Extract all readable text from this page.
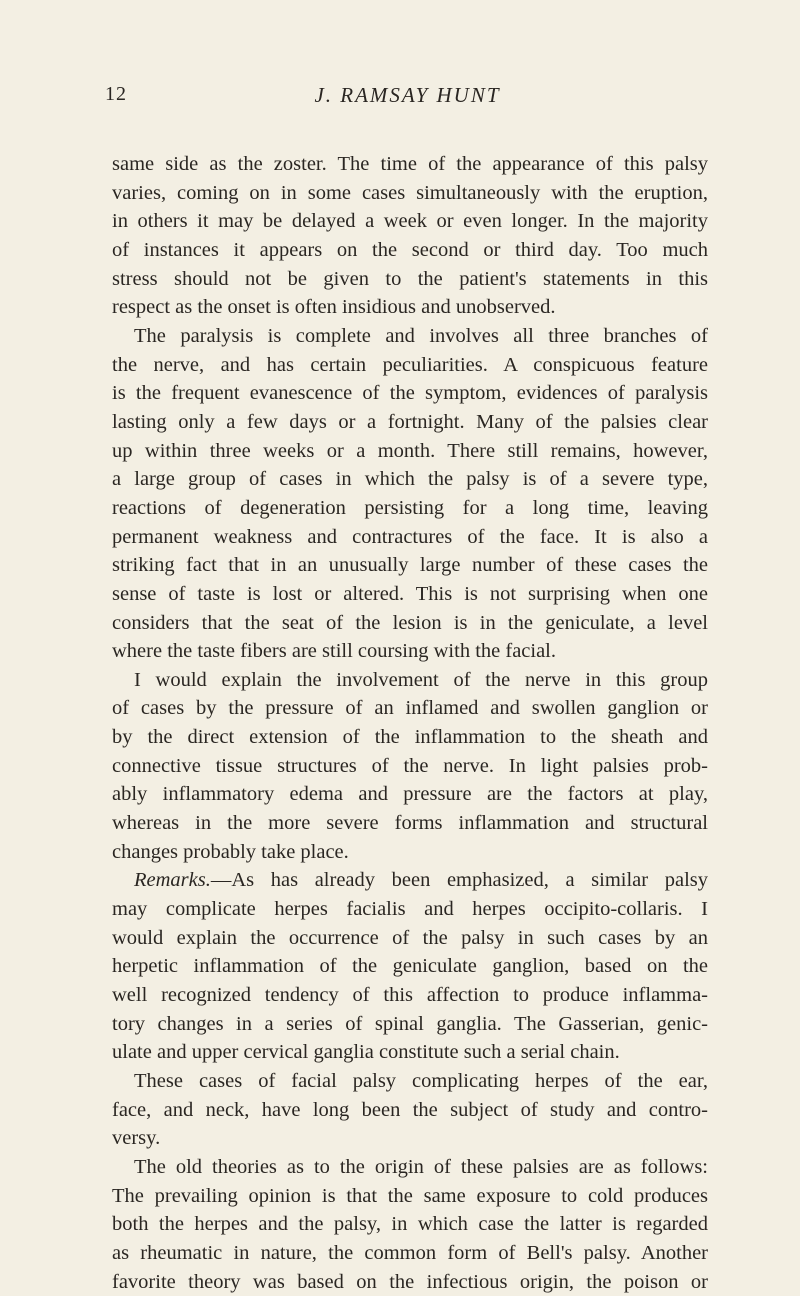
12	J. RAMSAY HUNT
same side as the zoster. The time of the appearance of this palsy
varies, coming on in some cases simultaneously with the eruption,
in others it may be delayed a week or even longer. In the majority
of instances it appears on the second or third day. Too much
stress should not be given to the patient's statements in this
respect as the onset is often insidious and unobserved.
The paralysis is complete and involves all three branches of
the nerve, and has certain peculiarities. A conspicuous feature
is the frequent evanescence of the symptom, evidences of paralysis
lasting only a few days or a fortnight. Many of the palsies clear
up within three weeks or a month. There still remains, however,
a large group of cases in which the palsy is of a severe type,
reactions of degeneration persisting for a long time, leaving
permanent weakness and contractures of the face. It is also a
striking fact that in an unusually large number of these cases the
sense of taste is lost or altered. This is not surprising when one
considers that the seat of the lesion is in the geniculate, a level
where the taste fibers are still coursing with the facial.
I would explain the involvement of the nerve in this group
of cases by the pressure of an inflamed and swollen ganglion or
by the direct extension of the inflammation to the sheath and
connective tissue structures of the nerve. In light palsies prob-
ably inflammatory edema and pressure are the factors at play,
whereas in the more severe forms inflammation and structural
changes probably take place.
Remarks.—As has already been emphasized, a similar palsy
may complicate herpes facialis and herpes occipito-collaris. I
would explain the occurrence of the palsy in such cases by an
herpetic inflammation of the geniculate ganglion, based on the
well recognized tendency of this affection to produce inflamma-
tory changes in a series of spinal ganglia. The Gasserian, genic-
ulate and upper cervical ganglia constitute such a serial chain.
These cases of facial palsy complicating herpes of the ear,
face, and neck, have long been the subject of study and contro-
versy.
The old theories as to the origin of these palsies are as follows:
The prevailing opinion is that the same exposure to cold produces
both the herpes and the palsy, in which case the latter is regarded
as rheumatic in nature, the common form of Bell's palsy. Another
favorite theory was based on the infectious origin, the poison or
